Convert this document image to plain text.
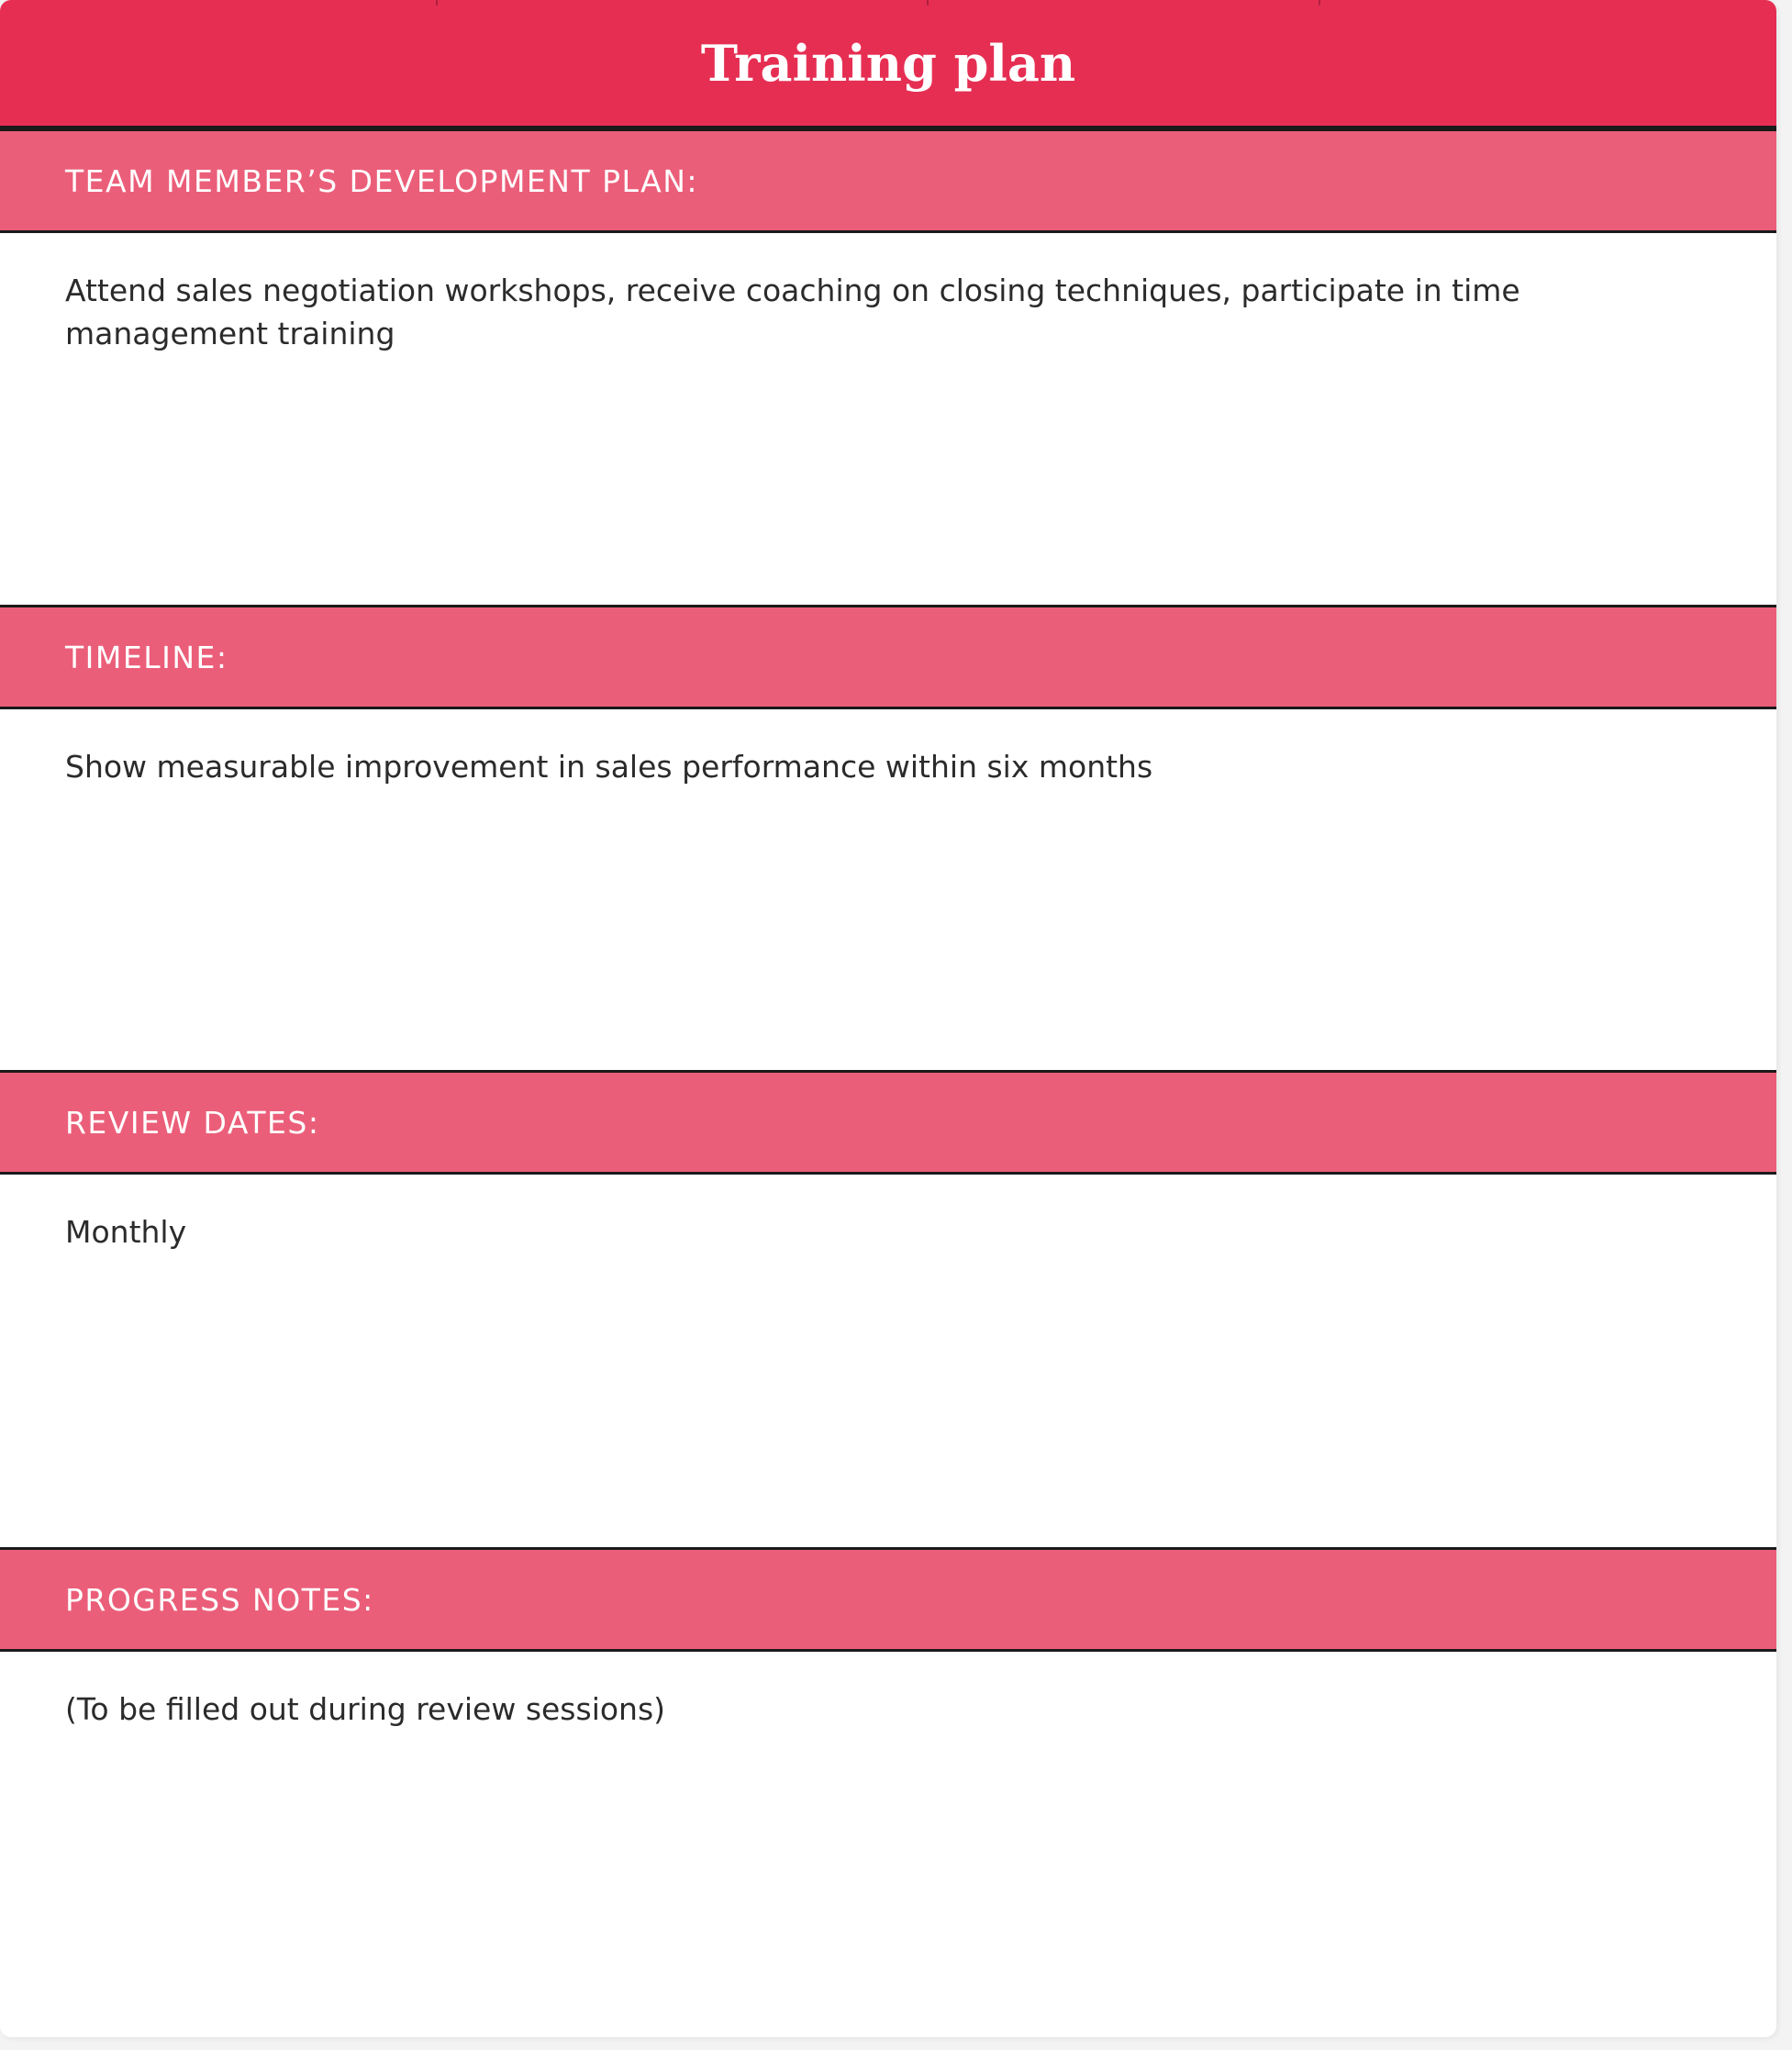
Training plan
TEAM MEMBER’S DEVELOPMENT PLAN:
Attend sales negotiation workshops, receive coaching on closing techniques, participate in time management training
TIMELINE:
Show measurable improvement in sales performance within six months
REVIEW DATES:
Monthly
PROGRESS NOTES:
(To be filled out during review sessions)
